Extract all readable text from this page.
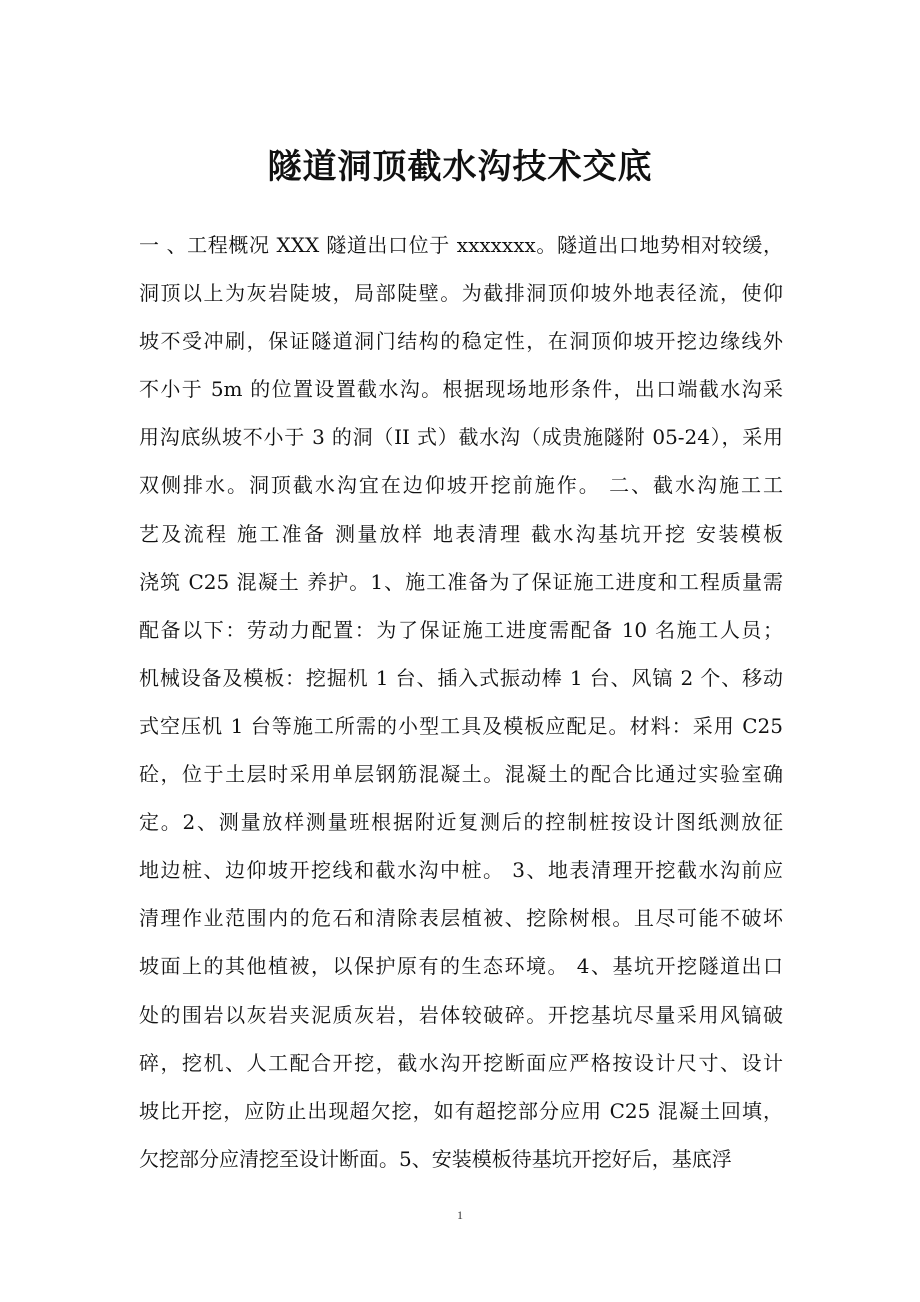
隧道洞顶截水沟技术交底
一 、工程概况 XXX 隧道出口位于 xxxxxxx。隧道出口地势相对较缓，
洞顶以上为灰岩陡坡，局部陡壁。为截排洞顶仰坡外地表径流，使仰
坡不受冲刷，保证隧道洞门结构的稳定性，在洞顶仰坡开挖边缘线外
不小于 5m 的位置设置截水沟。根据现场地形条件，出口端截水沟采
用沟底纵坡不小于 3 的洞（II 式）截水沟（成贵施隧附 05-24），采用
双侧排水。洞顶截水沟宜在边仰坡开挖前施作。 二、截水沟施工工
艺及流程 施工准备 测量放样 地表清理 截水沟基坑开挖 安装模板
浇筑 C25 混凝土 养护。1、施工准备为了保证施工进度和工程质量需
配备以下：劳动力配置：为了保证施工进度需配备 10 名施工人员；
机械设备及模板：挖掘机 1 台、插入式振动棒 1 台、风镐 2 个、移动
式空压机 1 台等施工所需的小型工具及模板应配足。材料：采用 C25
砼，位于土层时采用单层钢筋混凝土。混凝土的配合比通过实验室确
定。2、测量放样测量班根据附近复测后的控制桩按设计图纸测放征
地边桩、边仰坡开挖线和截水沟中桩。 3、地表清理开挖截水沟前应
清理作业范围内的危石和清除表层植被、挖除树根。且尽可能不破坏
坡面上的其他植被，以保护原有的生态环境。 4、基坑开挖隧道出口
处的围岩以灰岩夹泥质灰岩，岩体较破碎。开挖基坑尽量采用风镐破
碎，挖机、人工配合开挖，截水沟开挖断面应严格按设计尺寸、设计
坡比开挖，应防止出现超欠挖，如有超挖部分应用 C25 混凝土回填，
欠挖部分应清挖至设计断面。5、安装模板待基坑开挖好后，基底浮
1
